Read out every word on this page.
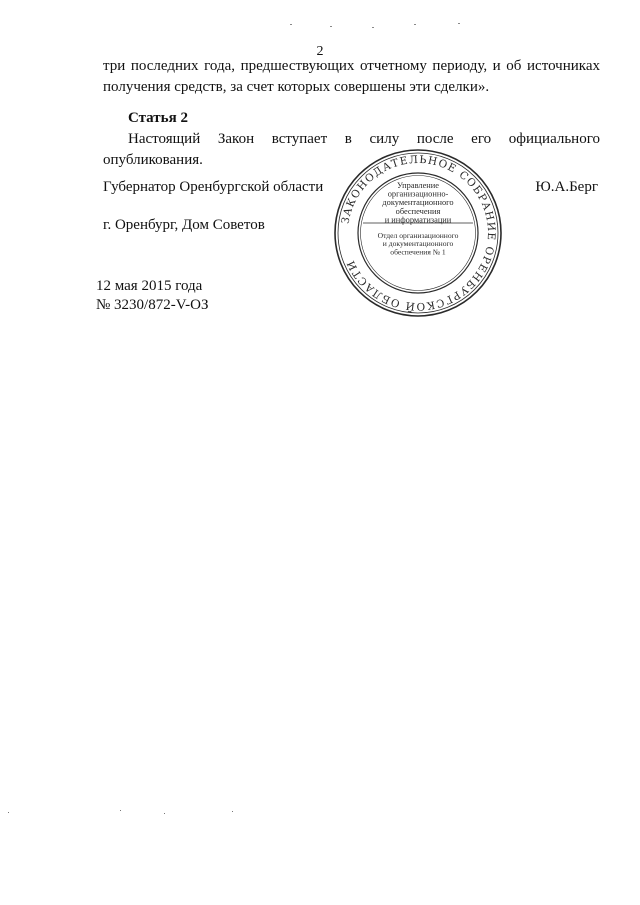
2

три последних года, предшествующих отчетному периоду, и об источниках получения средств, за счет которых совершены эти сделки».

Статья 2

Настоящий Закон вступает в силу после его официального опубликования.

Губернатор Оренбургской области	Ю.А.Берг
г. Оренбург, Дом Советов
12 мая 2015 года
№ 3230/872-V-ОЗ
ЗАКОНОДАТЕЛЬНОЕ СОБРАНИЕ ОРЕНБУРГСКОЙ ОБЛАСТИ
Управление
организационно-
документационного
обеспечения
и информатизации
Отдел организационного
и документационного
обеспечения № 1
